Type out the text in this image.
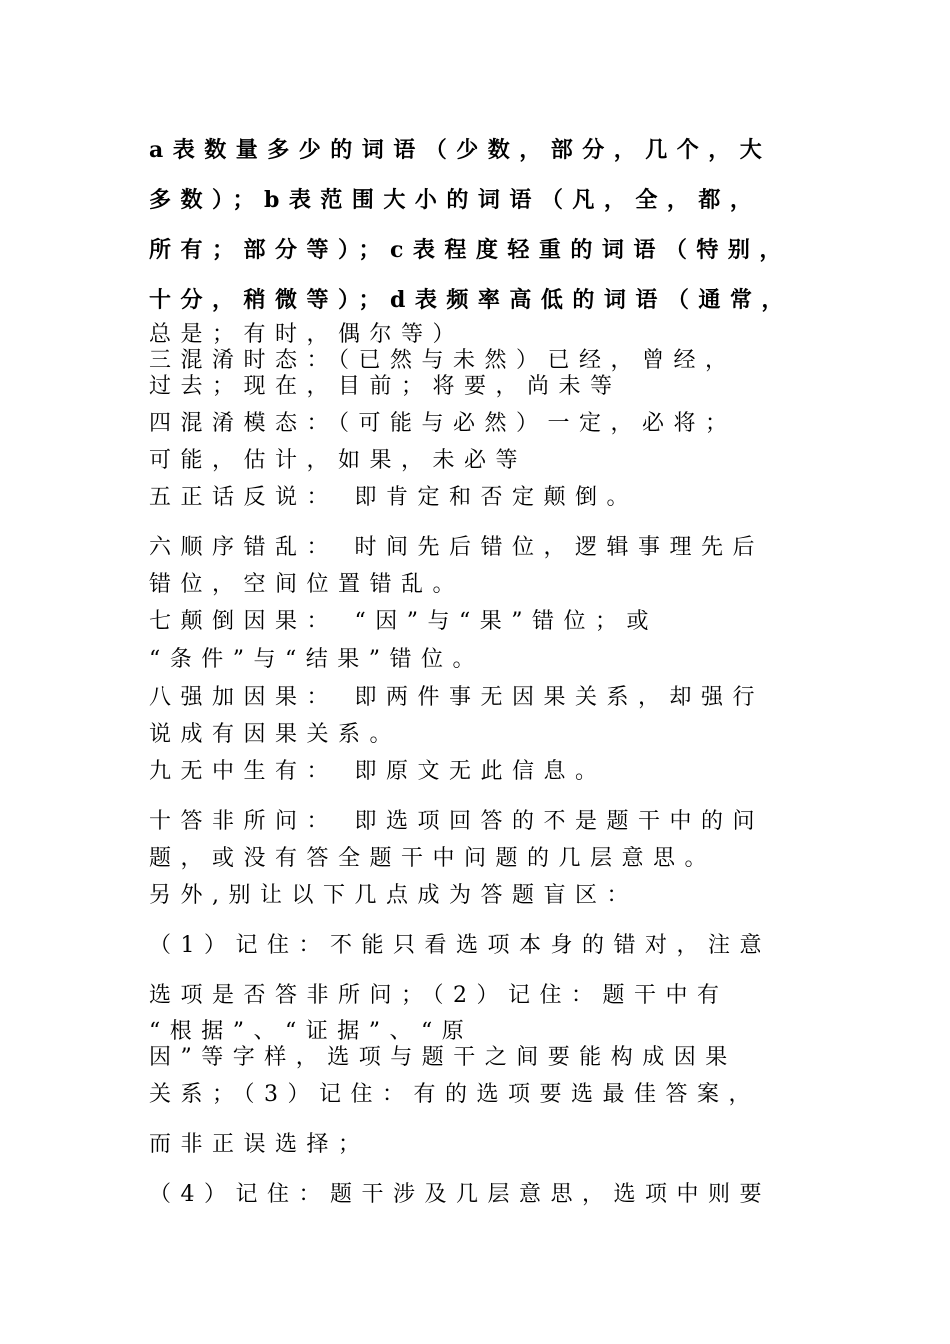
a表数量多少的词语（少数，部分，几个，大
多数）；b表范围大小的词语（凡，全，都，
所有；部分等）；c表程度轻重的词语（特别，
十分，稍微等）；d表频率高低的词语（通常，
总是；有时，偶尔等）
三混淆时态：（已然与未然）已经，曾经，
过去；现在，目前；将要，尚未等
四混淆模态：（可能与必然）一定，必将；
可能，估计，如果，未必等
五正话反说： 即肯定和否定颠倒。
六顺序错乱： 时间先后错位，逻辑事理先后
错位，空间位置错乱。
七颠倒因果： “因”与“果”错位；或
“条件”与“结果”错位。
八强加因果： 即两件事无因果关系，却强行
说成有因果关系。
九无中生有： 即原文无此信息。
十答非所问： 即选项回答的不是题干中的问
题，或没有答全题干中问题的几层意思。
另外,别让以下几点成为答题盲区：
（1）记住：不能只看选项本身的错对，注意
选项是否答非所问；（2）记住：题干中有
“根据”、“证据”、“原
因”等字样，选项与题干之间要能构成因果
关系；（3）记住：有的选项要选最佳答案，
而非正误选择；
（4）记住：题干涉及几层意思，选项中则要
